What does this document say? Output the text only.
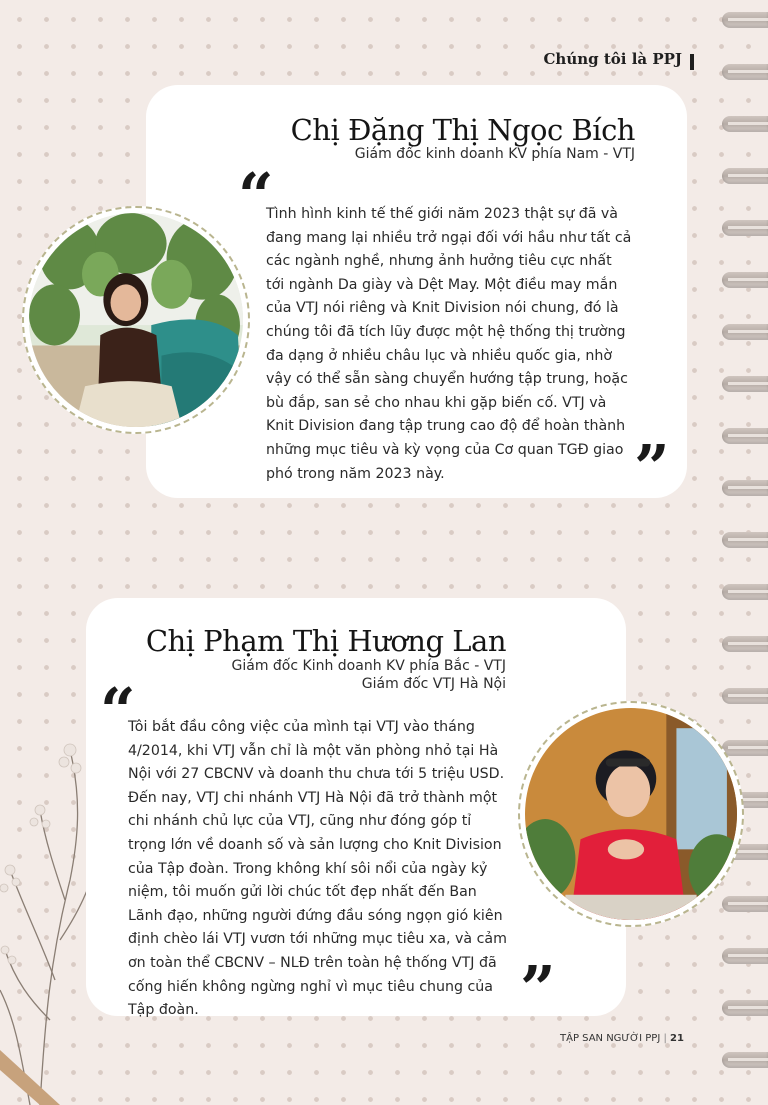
Chúng tôi là PPJ
Chị Đặng Thị Ngọc Bích
Giám đốc kinh doanh KV phía Nam - VTJ
“
Tình hình kinh tế thế giới năm 2023 thật sự đã và
đang mang lại nhiều trở ngại đối với hầu như tất cả
các ngành nghề, nhưng ảnh hưởng tiêu cực nhất
tới ngành Da giày và Dệt May. Một điều may mắn
của VTJ nói riêng và Knit Division nói chung, đó là
chúng tôi đã tích lũy được một hệ thống thị trường
đa dạng ở nhiều châu lục và nhiều quốc gia, nhờ
vậy có thể sẵn sàng chuyển hướng tập trung, hoặc
bù đắp, san sẻ cho nhau khi gặp biến cố. VTJ và
Knit Division đang tập trung cao độ để hoàn thành
những mục tiêu và kỳ vọng của Cơ quan TGĐ giao
phó trong năm 2023 này.	”
Chị Phạm Thị Hương Lan
Giám đốc Kinh doanh KV phía Bắc - VTJ
Giám đốc VTJ Hà Nội
“
Tôi bắt đầu công việc của mình tại VTJ vào tháng
4/2014, khi VTJ vẫn chỉ là một văn phòng nhỏ tại Hà
Nội với 27 CBCNV và doanh thu chưa tới 5 triệu USD.
Đến nay, VTJ chi nhánh VTJ Hà Nội đã trở thành một
chi nhánh chủ lực của VTJ, cũng như đóng góp tỉ
trọng lớn về doanh số và sản lượng cho Knit Division
của Tập đoàn. Trong không khí sôi nổi của ngày kỷ
niệm, tôi muốn gửi lời chúc tốt đẹp nhất đến Ban
Lãnh đạo, những người đứng đầu sóng ngọn gió kiên
định chèo lái VTJ vươn tới những mục tiêu xa, và cảm
ơn toàn thể CBCNV – NLĐ trên toàn hệ thống VTJ đã
cống hiến không ngừng nghỉ vì mục tiêu chung của
Tập đoàn.	”
TẬP SAN NGƯỜI PPJ | 21
